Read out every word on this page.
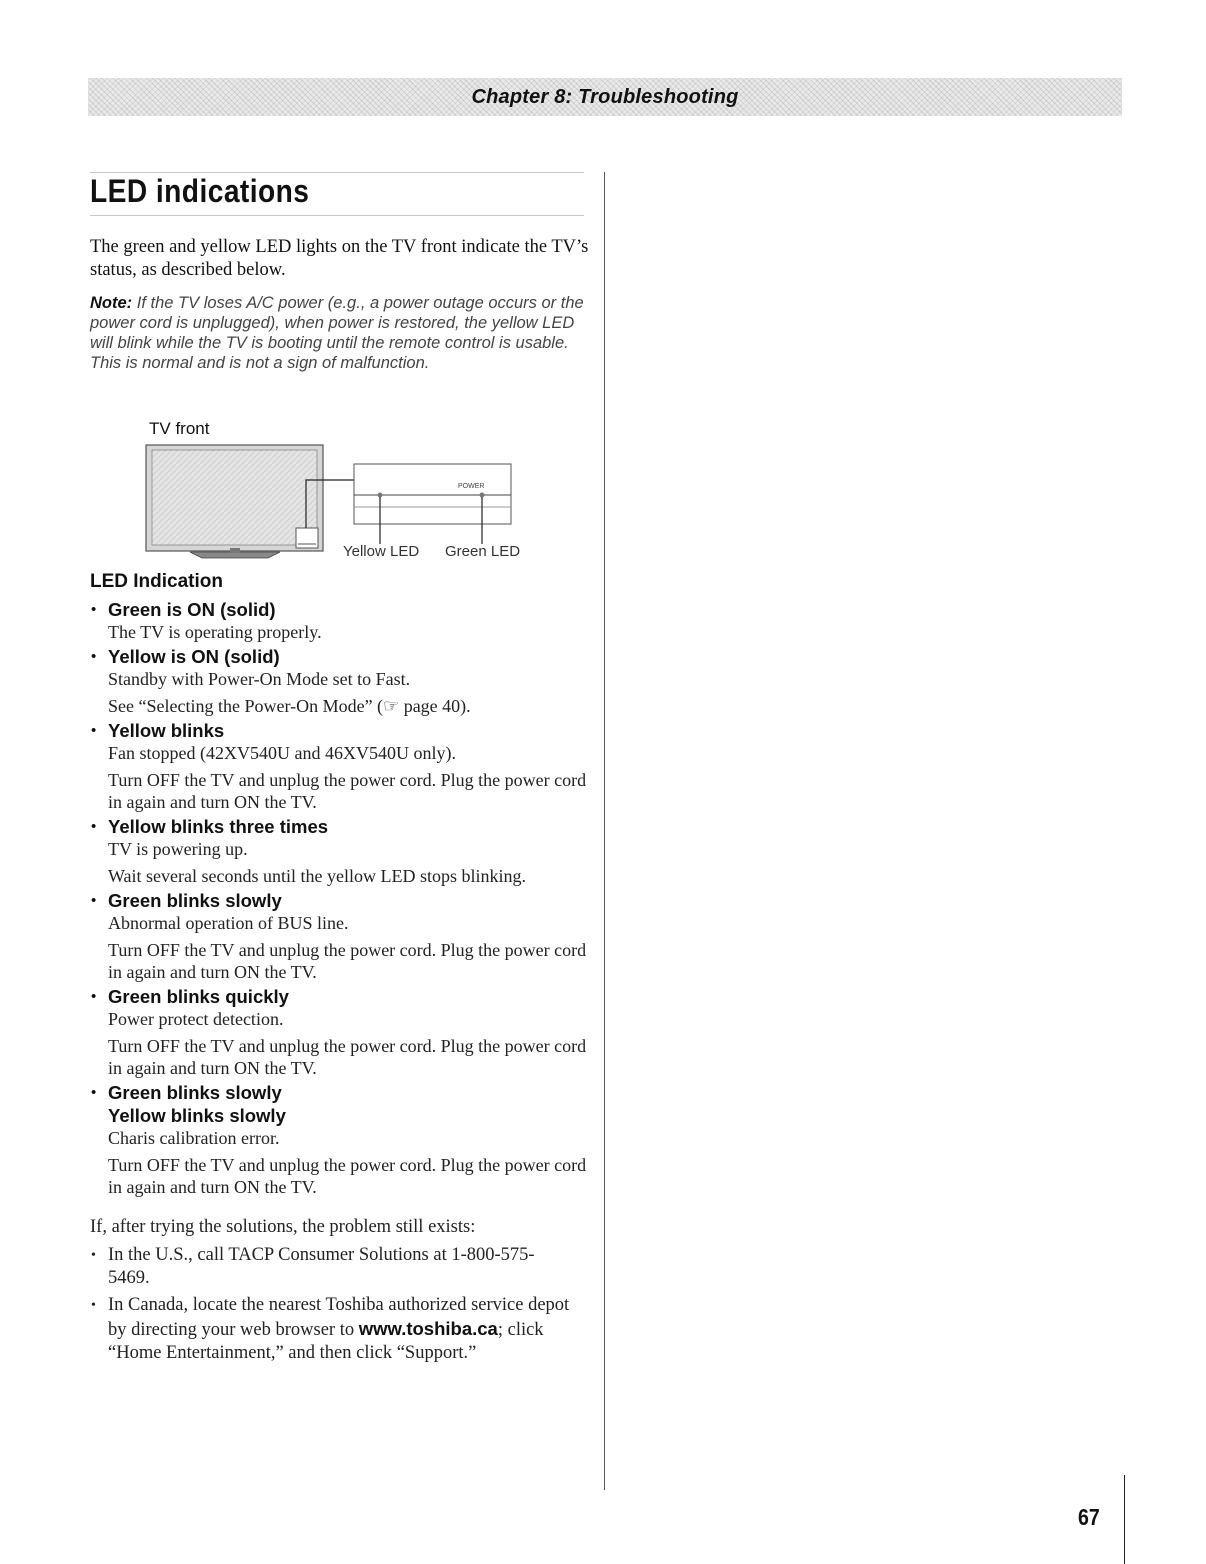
Chapter 8: Troubleshooting
LED indications

The green and yellow LED lights on the TV front indicate the TV’s status, as described below.

Note: If the TV loses A/C power (e.g., a power outage occurs or the power cord is unplugged), when power is restored, the yellow LED will blink while the TV is booting until the remote control is usable. This is normal and is not a sign of malfunction.

TV front
POWER
Yellow LED Green LED
LED Indication
• Green is ON (solid)
The TV is operating properly.
• Yellow is ON (solid)
Standby with Power-On Mode set to Fast.
See “Selecting the Power-On Mode” (☞ page 40).
• Yellow blinks
Fan stopped (42XV540U and 46XV540U only).
Turn OFF the TV and unplug the power cord. Plug the power cord in again and turn ON the TV.
• Yellow blinks three times
TV is powering up.
Wait several seconds until the yellow LED stops blinking.
• Green blinks slowly
Abnormal operation of BUS line.
Turn OFF the TV and unplug the power cord. Plug the power cord in again and turn ON the TV.
• Green blinks quickly
Power protect detection.
Turn OFF the TV and unplug the power cord. Plug the power cord in again and turn ON the TV.
• Green blinks slowly
Yellow blinks slowly
Charis calibration error.
Turn OFF the TV and unplug the power cord. Plug the power cord in again and turn ON the TV.

If, after trying the solutions, the problem still exists:

• In the U.S., call TACP Consumer Solutions at 1-800-575-5469.
• In Canada, locate the nearest Toshiba authorized service depot by directing your web browser to www.toshiba.ca; click “Home Entertainment,” and then click “Support.”
67
